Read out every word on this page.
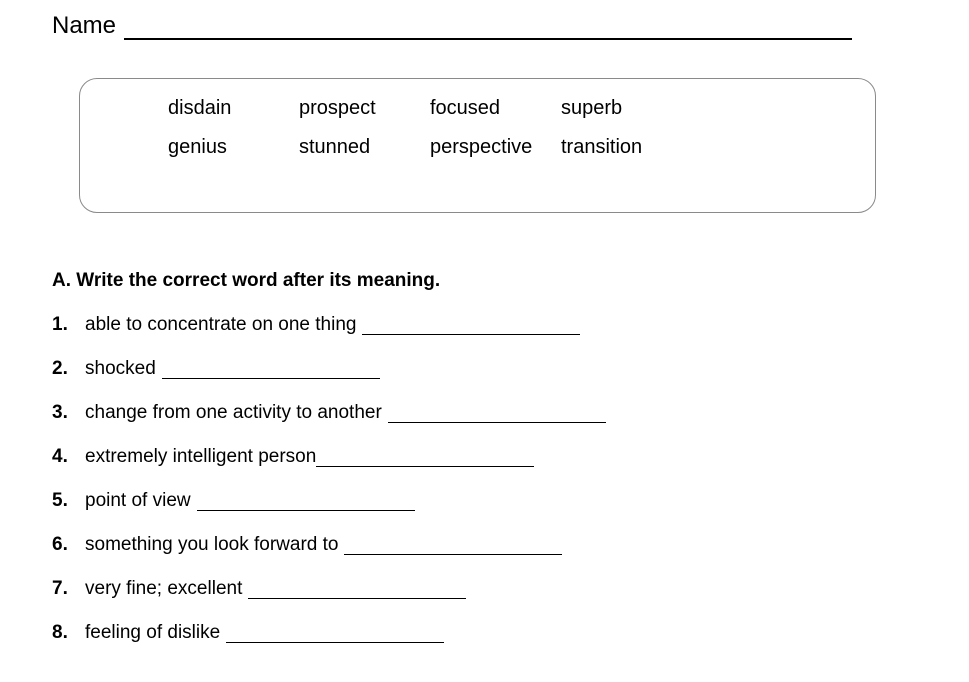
Name
disdain	prospect	focused	superb
genius	stunned	perspective	transition
A. Write the correct word after its meaning.
1. able to concentrate on one thing
2. shocked
3. change from one activity to another
4. extremely intelligent person
5. point of view
6. something you look forward to
7. very fine; excellent
8. feeling of dislike
